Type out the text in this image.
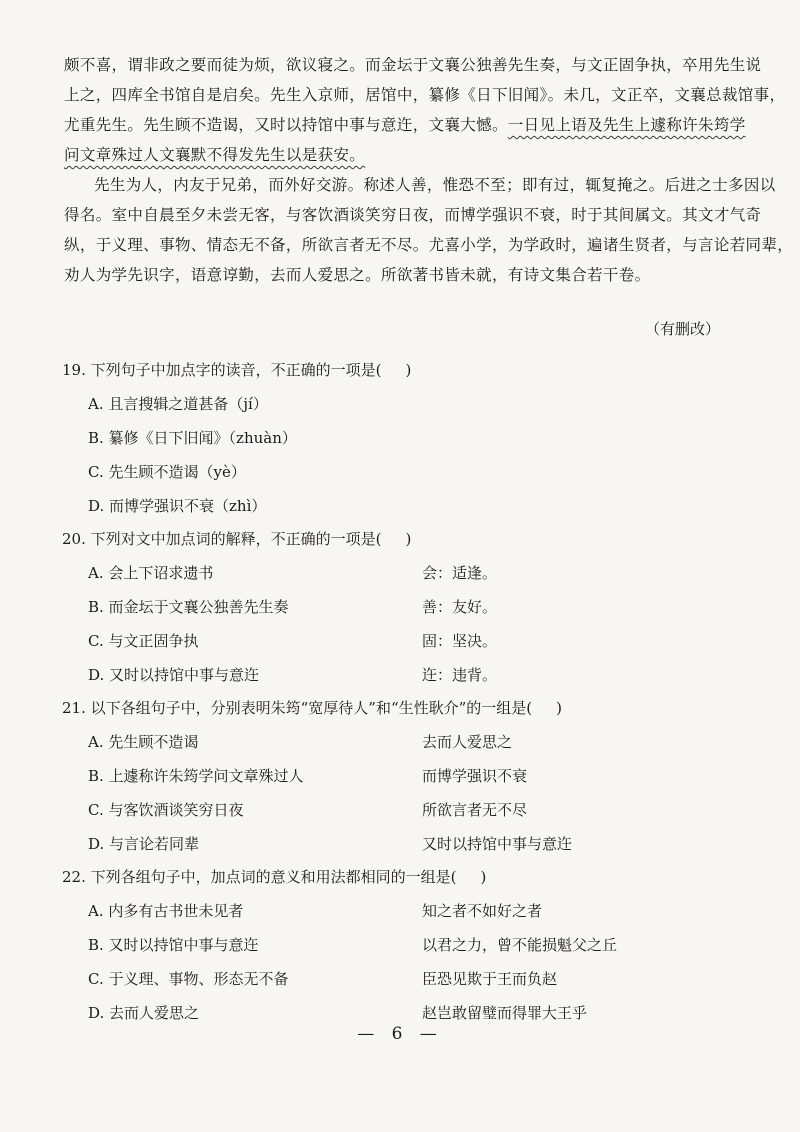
颇不喜，谓非政之要而徒为烦，欲议寝之。而金坛于文襄公独善先生奏，与文正固争执，卒用先生说
上之，四库全书馆自是启矣。先生入京师，居馆中，纂修《日下旧闻》。未几，文正卒，文襄总裁馆事，
尤重先生。先生顾不造谒，又时以持馆中事与意迕，文襄大憾。一日见上语及先生上遽称许朱筠学
问文章殊过人文襄默不得发先生以是获安。
先生为人，内友于兄弟，而外好交游。称述人善，惟恐不至；即有过，辄复掩之。后进之士多因以
得名。室中自晨至夕未尝无客，与客饮酒谈笑穷日夜，而博学强识不衰，时于其间属文。其文才气奇
纵，于义理、事物、情态无不备，所欲言者无不尽。尤喜小学，为学政时，遍诸生贤者，与言论若同辈，
劝人为学先识字，语意谆勤，去而人爱思之。所欲著书皆未就，有诗文集合若干卷。
（有删改）
19. 下列句子中加点字的读音，不正确的一项是( )
A. 且言搜辑之道甚备（jí）
B. 纂修《日下旧闻》（zhuàn）
C. 先生顾不造谒（yè）
D. 而博学强识不衰（zhì）
20. 下列对文中加点词的解释，不正确的一项是( )
A. 会上下诏求遗书	会：适逢。
B. 而金坛于文襄公独善先生奏	善：友好。
C. 与文正固争执	固：坚决。
D. 又时以持馆中事与意迕	迕：违背。
21. 以下各组句子中，分别表明朱筠“宽厚待人”和“生性耿介”的一组是( )
A. 先生顾不造谒	去而人爱思之
B. 上遽称许朱筠学问文章殊过人	而博学强识不衰
C. 与客饮酒谈笑穷日夜	所欲言者无不尽
D. 与言论若同辈	又时以持馆中事与意迕
22. 下列各组句子中，加点词的意义和用法都相同的一组是( )
A. 内多有古书世未见者	知之者不如好之者
B. 又时以持馆中事与意迕	以君之力，曾不能损魁父之丘
C. 于义理、事物、形态无不备	臣恐见欺于王而负赵
D. 去而人爱思之	赵岂敢留璧而得罪大王乎
— 6 —
